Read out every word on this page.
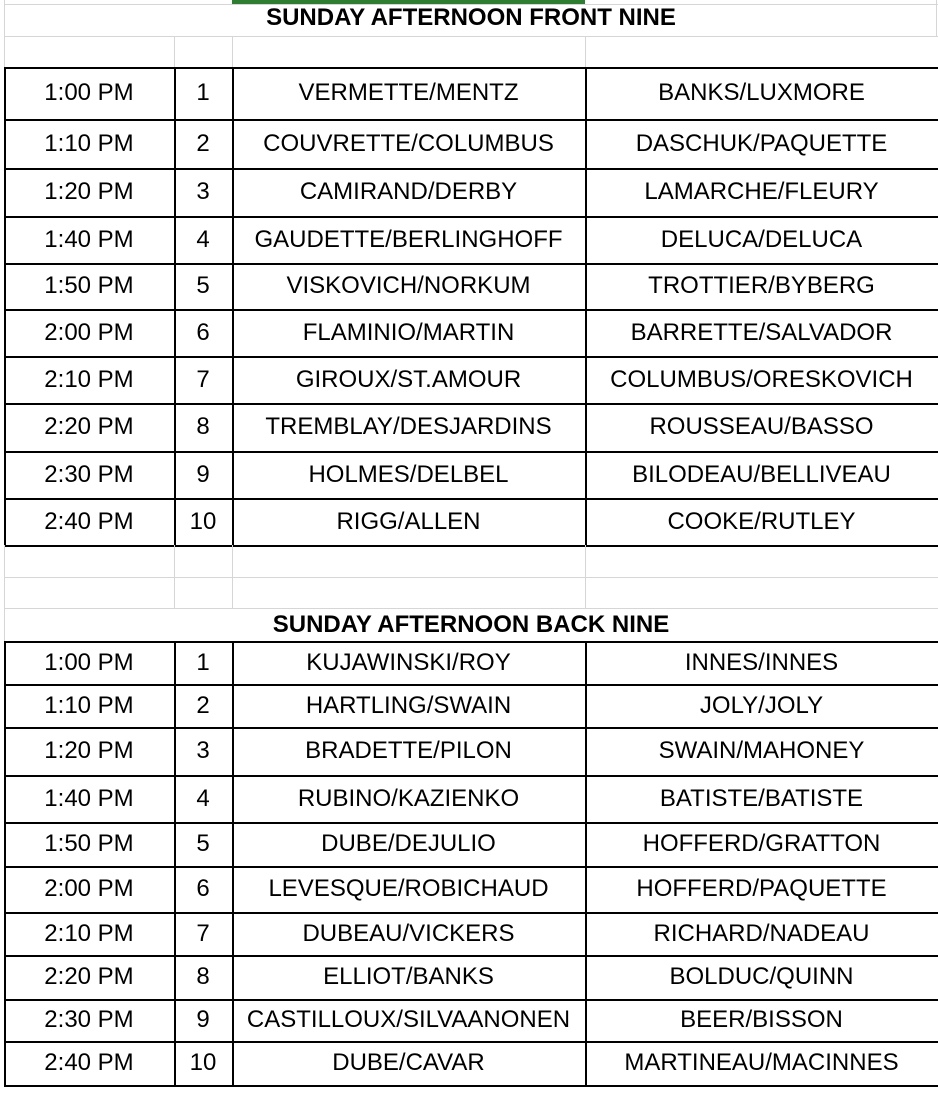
SUNDAY AFTERNOON FRONT NINE
1:00 PM	1	VERMETTE/MENTZ	BANKS/LUXMORE
1:10 PM	2	COUVRETTE/COLUMBUS	DASCHUK/PAQUETTE
1:20 PM	3	CAMIRAND/DERBY	LAMARCHE/FLEURY
1:40 PM	4	GAUDETTE/BERLINGHOFF	DELUCA/DELUCA
1:50 PM	5	VISKOVICH/NORKUM	TROTTIER/BYBERG
2:00 PM	6	FLAMINIO/MARTIN	BARRETTE/SALVADOR
2:10 PM	7	GIROUX/ST.AMOUR	COLUMBUS/ORESKOVICH
2:20 PM	8	TREMBLAY/DESJARDINS	ROUSSEAU/BASSO
2:30 PM	9	HOLMES/DELBEL	BILODEAU/BELLIVEAU
2:40 PM	10	RIGG/ALLEN	COOKE/RUTLEY
SUNDAY AFTERNOON BACK NINE
1:00 PM	1	KUJAWINSKI/ROY	INNES/INNES
1:10 PM	2	HARTLING/SWAIN	JOLY/JOLY
1:20 PM	3	BRADETTE/PILON	SWAIN/MAHONEY
1:40 PM	4	RUBINO/KAZIENKO	BATISTE/BATISTE
1:50 PM	5	DUBE/DEJULIO	HOFFERD/GRATTON
2:00 PM	6	LEVESQUE/ROBICHAUD	HOFFERD/PAQUETTE
2:10 PM	7	DUBEAU/VICKERS	RICHARD/NADEAU
2:20 PM	8	ELLIOT/BANKS	BOLDUC/QUINN
2:30 PM	9	CASTILLOUX/SILVAANONEN	BEER/BISSON
2:40 PM	10	DUBE/CAVAR	MARTINEAU/MACINNES
